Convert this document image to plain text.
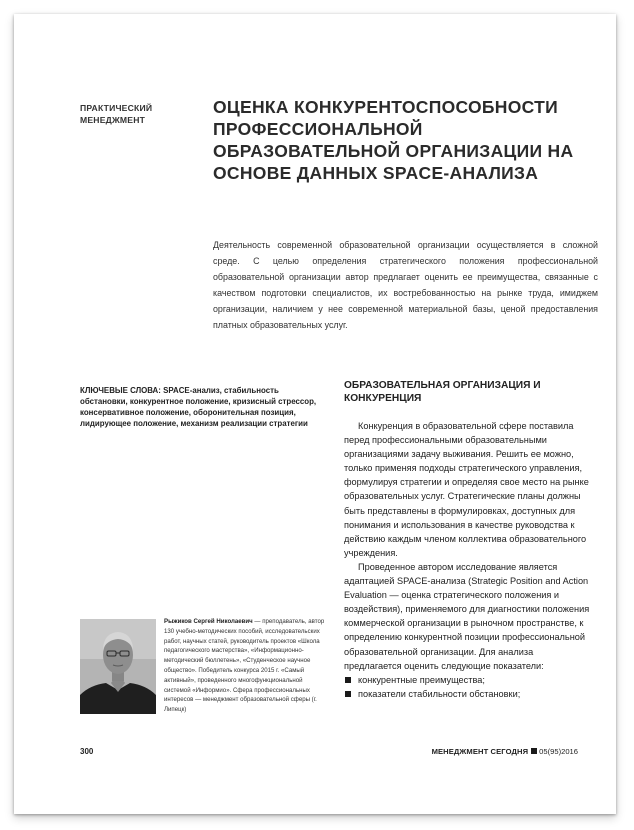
ПРАКТИЧЕСКИЙ МЕНЕДЖМЕНТ
ОЦЕНКА КОНКУРЕНТОСПОСОБНОСТИ ПРОФЕССИОНАЛЬНОЙ ОБРАЗОВАТЕЛЬНОЙ ОРГАНИЗАЦИИ НА ОСНОВЕ ДАННЫХ SPACE-АНАЛИЗА
Деятельность современной образовательной организации осуществляется в сложной среде. С целью определения стратегического положения профессиональной образовательной организации автор предлагает оценить ее преимущества, связанные с качеством подготовки специалистов, их востребованностью на рынке труда, имиджем организации, наличием у нее современной материальной базы, ценой предоставления платных образовательных услуг.
КЛЮЧЕВЫЕ СЛОВА: SPACE-анализ, стабильность обстановки, конкурентное положение, кризисный стрессор, консервативное положение, оборонительная позиция, лидирующее положение, механизм реализации стратегии
ОБРАЗОВАТЕЛЬНАЯ ОРГАНИЗАЦИЯ И КОНКУРЕНЦИЯ

Конкуренция в образовательной сфере поставила перед профессиональными образовательными организациями задачу выживания. Решить ее можно, только применяя подходы стратегического управления, формулируя стратегии и определяя свое место на рынке образовательных услуг. Стратегические планы должны быть представлены в формулировках, доступных для понимания и использования в качестве руководства к действию каждым членом коллектива образовательного учреждения.

Проведенное автором исследование является адаптацией SPACE-анализа (Strategic Position and Action Evaluation — оценка стратегического положения и воздействия), применяемого для диагностики положения коммерческой организации в рыночном пространстве, к определению конкурентной позиции профессиональной образовательной организации. Для анализа предлагается оценить следующие показатели:

конкурентные преимущества;
показатели стабильности обстановки;
Рыжиков Сергей Николаевич — преподаватель, автор 130 учебно-методических пособий, исследовательских работ, научных статей, руководитель проектов «Школа педагогического мастерства», «Информационно-методический бюллетень», «Студенческое научное общество». Победитель конкурса 2015 г. «Самый активный», проведенного многофункциональной системой «Информио». Сфера профессиональных интересов — менеджмент образовательной сферы (г. Липецк)
300	МЕНЕДЖМЕНТ СЕГОДНЯ 05(95)2016
